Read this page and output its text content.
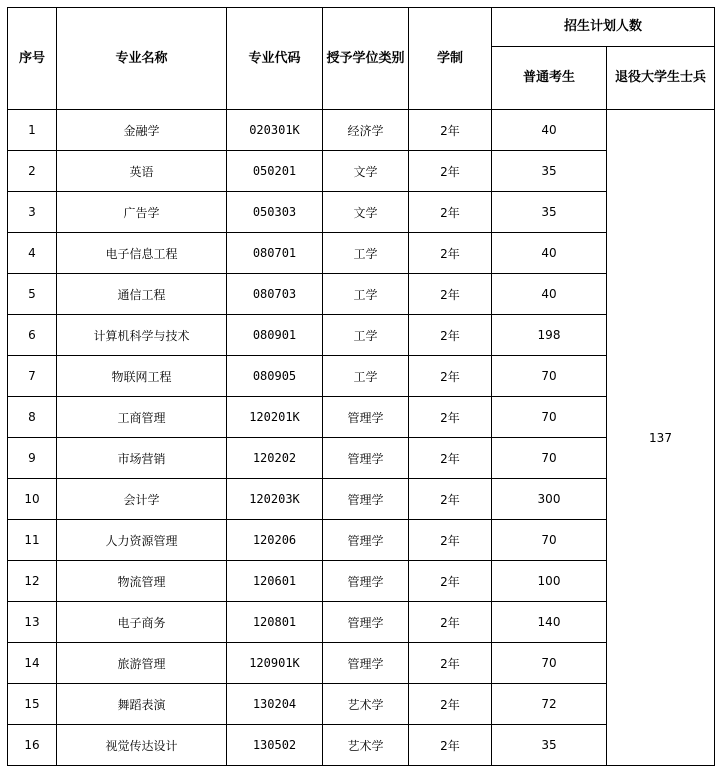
序号	专业名称	专业代码	授予学位类别	学制	招生计划人数	
					普通考生	退役大学生士兵
1	金融学	020301K	经济学	2年	40	137
2	英语	050201	文学	2年	35	
3	广告学	050303	文学	2年	35	
4	电子信息工程	080701	工学	2年	40	
5	通信工程	080703	工学	2年	40	
6	计算机科学与技术	080901	工学	2年	198	
7	物联网工程	080905	工学	2年	70	
8	工商管理	120201K	管理学	2年	70	
9	市场营销	120202	管理学	2年	70	
10	会计学	120203K	管理学	2年	300	
11	人力资源管理	120206	管理学	2年	70	
12	物流管理	120601	管理学	2年	100	
13	电子商务	120801	管理学	2年	140	
14	旅游管理	120901K	管理学	2年	70	
15	舞蹈表演	130204	艺术学	2年	72	
16	视觉传达设计	130502	艺术学	2年	35	
